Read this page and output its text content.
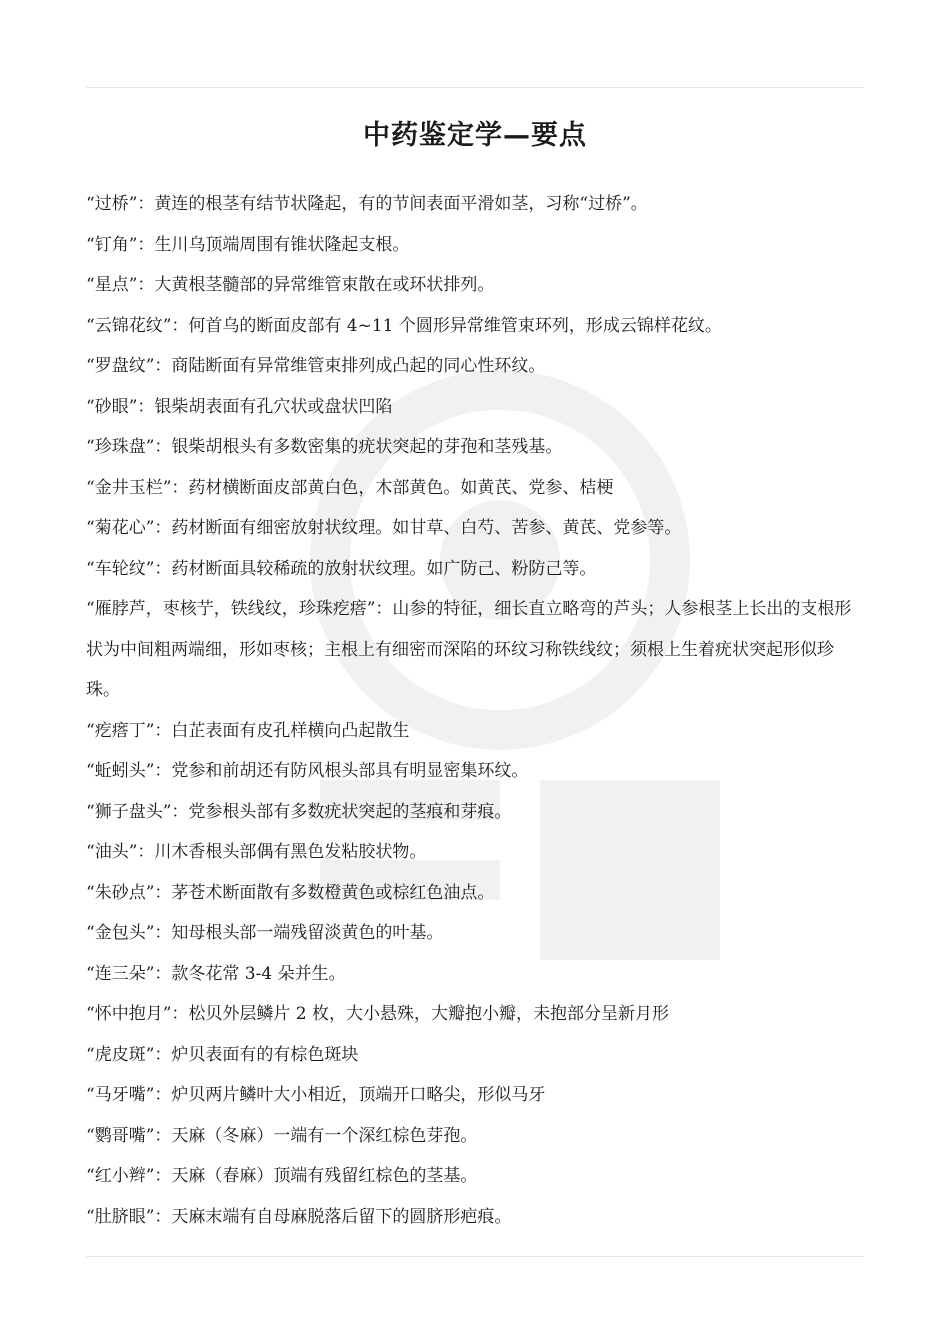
中药鉴定学—要点

“过桥”：黄连的根茎有结节状隆起，有的节间表面平滑如茎，习称“过桥”。

“钉角”：生川乌顶端周围有锥状隆起支根。

“星点”：大黄根茎髓部的异常维管束散在或环状排列。

“云锦花纹”：何首乌的断面皮部有 4~11 个圆形异常维管束环列，形成云锦样花纹。

“罗盘纹”：商陆断面有异常维管束排列成凸起的同心性环纹。

“砂眼”：银柴胡表面有孔穴状或盘状凹陷

“珍珠盘”：银柴胡根头有多数密集的疣状突起的芽孢和茎残基。

“金井玉栏”：药材横断面皮部黄白色，木部黄色。如黄芪、党参、桔梗

“菊花心”：药材断面有细密放射状纹理。如甘草、白芍、苦参、黄芪、党参等。

“车轮纹”：药材断面具较稀疏的放射状纹理。如广防己、粉防己等。

“雁脖芦，枣核艼，铁线纹，珍珠疙瘩”：山参的特征，细长直立略弯的芦头；人参根茎上长出的支根形状为中间粗两端细，形如枣核；主根上有细密而深陷的环纹习称铁线纹；须根上生着疣状突起形似珍珠。

“疙瘩丁”：白芷表面有皮孔样横向凸起散生

“蚯蚓头”：党参和前胡还有防风根头部具有明显密集环纹。

“狮子盘头”：党参根头部有多数疣状突起的茎痕和芽痕。

“油头”：川木香根头部偶有黑色发粘胶状物。

“朱砂点”：茅苍术断面散有多数橙黄色或棕红色油点。

“金包头”：知母根头部一端残留淡黄色的叶基。

“连三朵”：款冬花常 3-4 朵并生。

“怀中抱月”：松贝外层鳞片 2 枚，大小悬殊，大瓣抱小瓣，未抱部分呈新月形

“虎皮斑”：炉贝表面有的有棕色斑块

“马牙嘴”：炉贝两片鳞叶大小相近，顶端开口略尖，形似马牙

“鹦哥嘴”：天麻（冬麻）一端有一个深红棕色芽孢。

“红小辫”：天麻（春麻）顶端有残留红棕色的茎基。

“肚脐眼”：天麻末端有自母麻脱落后留下的圆脐形疤痕。
